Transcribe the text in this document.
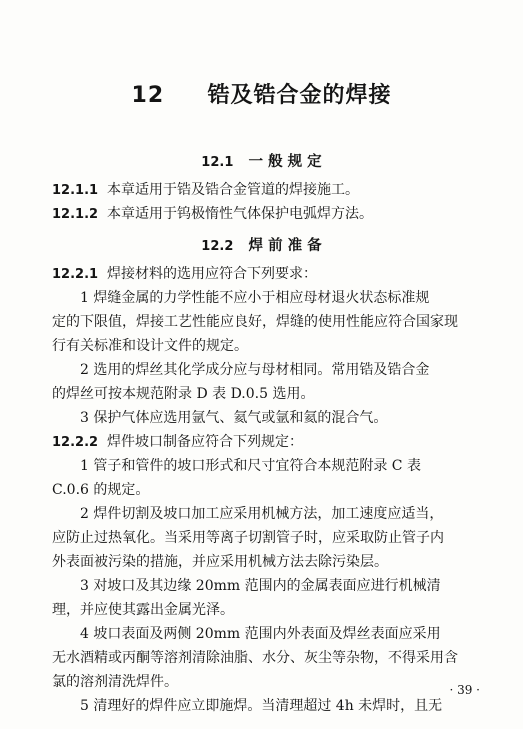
12 锆及锆合金的焊接
12.1 一 般 规 定
12.1.1 本章适用于锆及锆合金管道的焊接施工。
12.1.2 本章适用于钨极惰性气体保护电弧焊方法。
12.2 焊 前 准 备
12.2.1 焊接材料的选用应符合下列要求：
1 焊缝金属的力学性能不应小于相应母材退火状态标准规
定的下限值，焊接工艺性能应良好，焊缝的使用性能应符合国家现
行有关标准和设计文件的规定。
2 选用的焊丝其化学成分应与母材相同。常用锆及锆合金
的焊丝可按本规范附录 D 表 D.0.5 选用。
3 保护气体应选用氩气、氦气或氩和氦的混合气。
12.2.2 焊件坡口制备应符合下列规定：
1 管子和管件的坡口形式和尺寸宜符合本规范附录 C 表
C.0.6 的规定。
2 焊件切割及坡口加工应采用机械方法，加工速度应适当，
应防止过热氧化。当采用等离子切割管子时，应采取防止管子内
外表面被污染的措施，并应采用机械方法去除污染层。
3 对坡口及其边缘 20mm 范围内的金属表面应进行机械清
理，并应使其露出金属光泽。
4 坡口表面及两侧 20mm 范围内外表面及焊丝表面应采用
无水酒精或丙酮等溶剂清除油脂、水分、灰尘等杂物，不得采用含
氯的溶剂清洗焊件。
5 清理好的焊件应立即施焊。当清理超过 4h 未焊时，且无
· 39 ·
